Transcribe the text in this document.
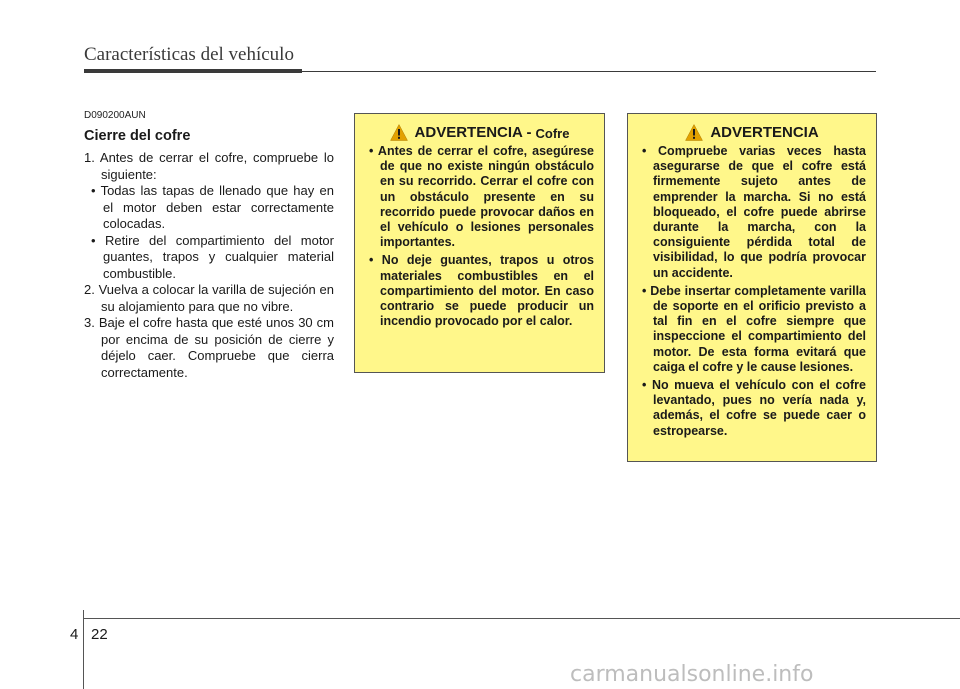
Características del vehículo
D090200AUN
Cierre del cofre
1. Antes de cerrar el cofre, compruebe lo siguiente:
• Todas las tapas de llenado que hay en el motor deben estar correctamente colocadas.
• Retire del compartimiento del motor guantes, trapos y cualquier material combustible.
2. Vuelva a colocar la varilla de sujeción en su alojamiento para que no vibre.
3. Baje el cofre hasta que esté unos 30 cm por encima de su posición de cierre y déjelo caer. Compruebe que cierra correctamente.
ADVERTENCIA - Cofre
• Antes de cerrar el cofre, asegúrese de que no existe ningún obstáculo en su recorrido. Cerrar el cofre con un obstáculo presente en su recorrido puede provocar daños en el vehículo o lesiones personales importantes.
• No deje guantes, trapos u otros materiales combustibles en el compartimiento del motor. En caso contrario se puede producir un incendio provocado por el calor.
ADVERTENCIA
• Compruebe varias veces hasta asegurarse de que el cofre está firmemente sujeto antes de emprender la marcha. Si no está bloqueado, el cofre puede abrirse durante la marcha, con la consiguiente pérdida total de visibilidad, lo que podría provocar un accidente.
• Debe insertar completamente varilla de soporte en el orificio previsto a tal fin en el cofre siempre que inspeccione el compartimiento del motor. De esta forma evitará que caiga el cofre y le cause lesiones.
• No mueva el vehículo con el cofre levantado, pues no vería nada y, además, el cofre se puede caer o estropearse.
4 22
carmanualsonline.info
